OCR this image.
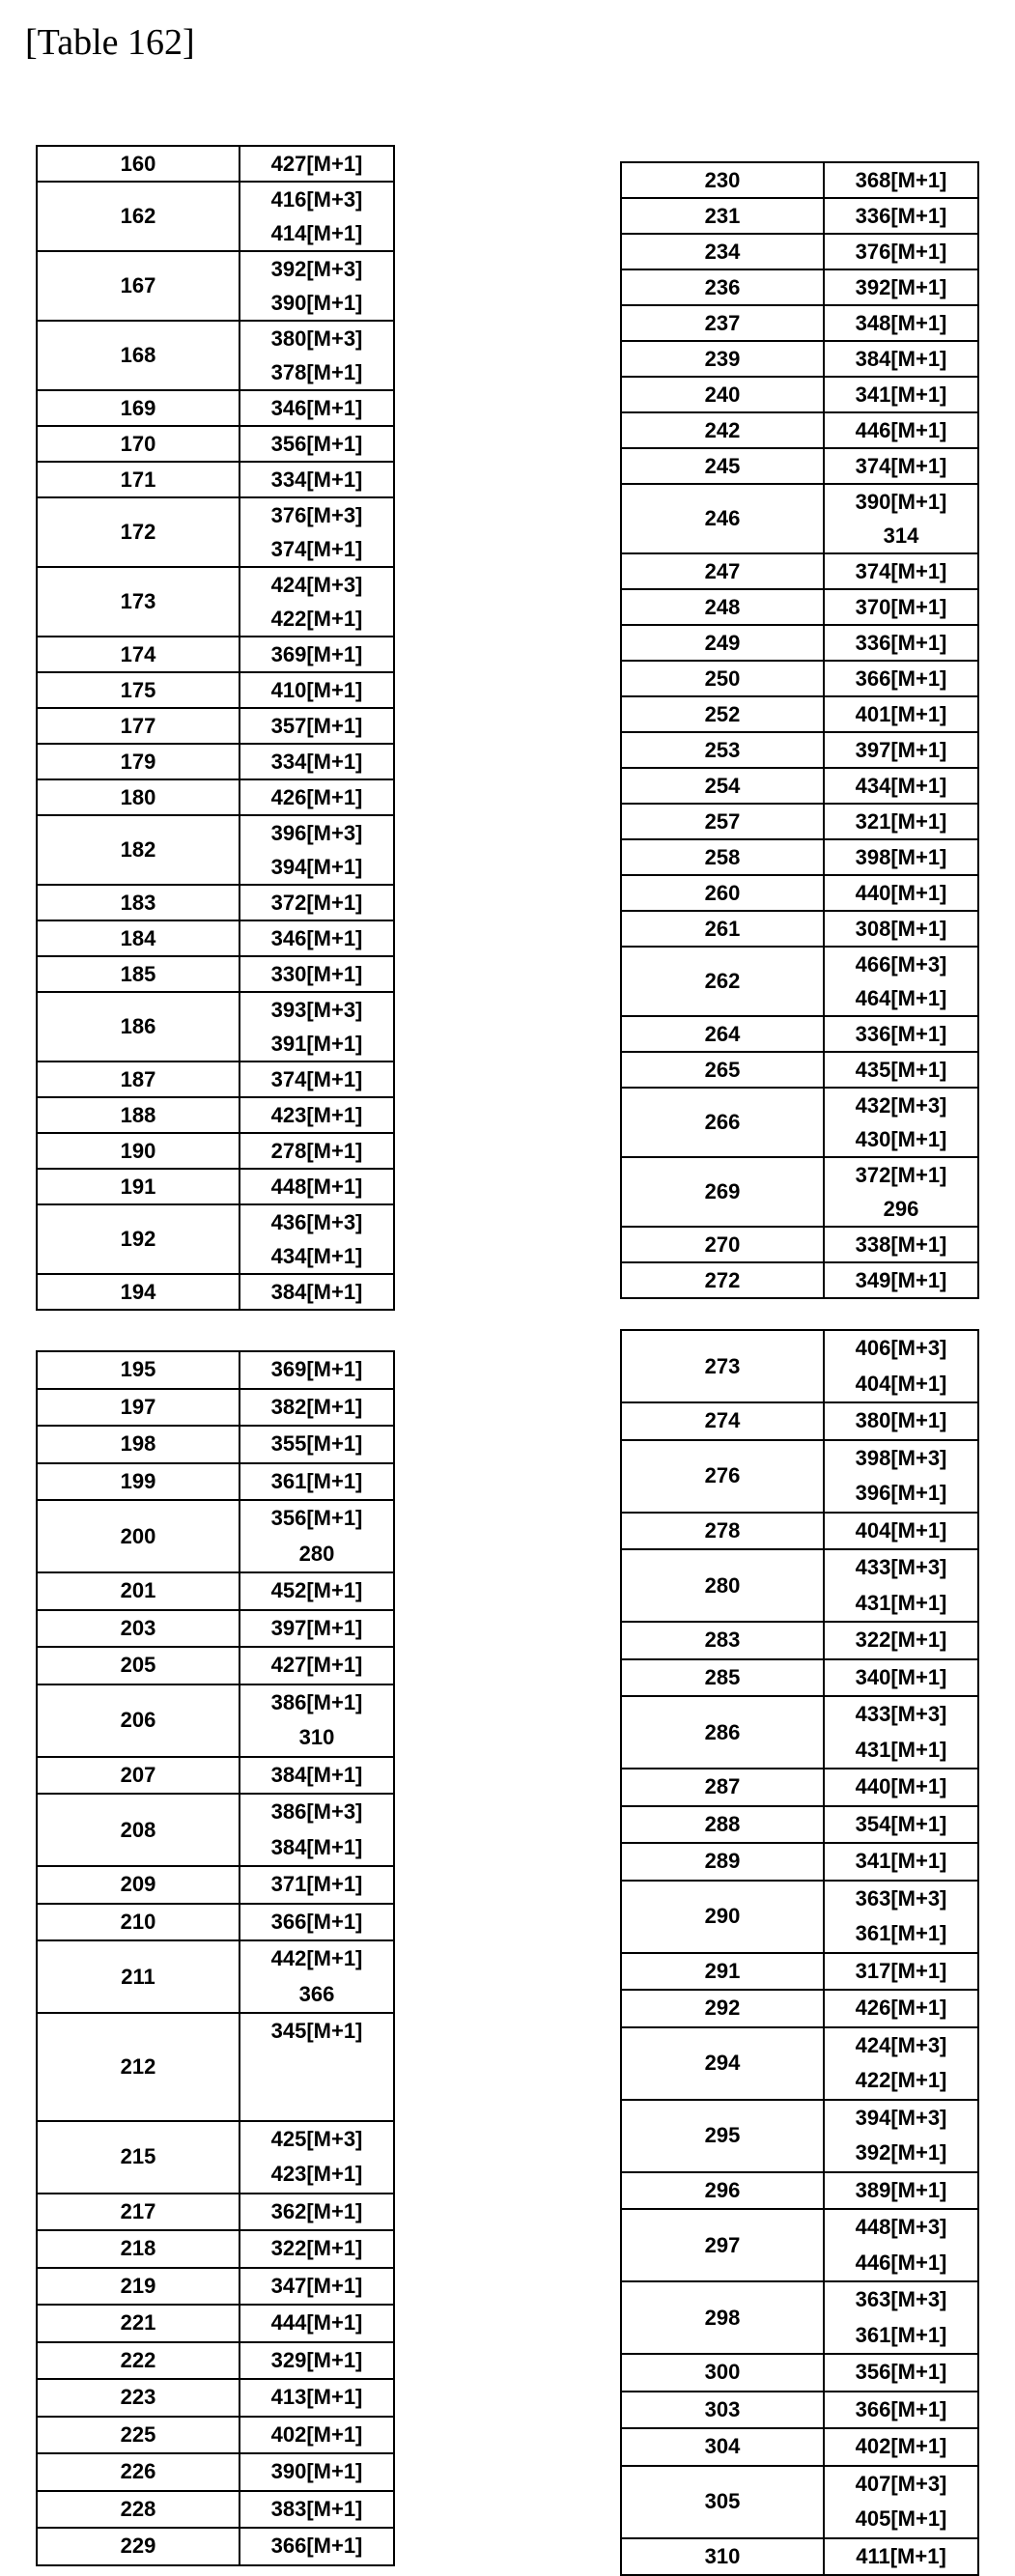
[Table 162]
160	427[M+1]

162	
416[M+3]
414[M+1]

167	
392[M+3]
390[M+1]

168	
380[M+3]
378[M+1]

169	346[M+1]

170	356[M+1]

171	334[M+1]

172	
376[M+3]
374[M+1]

173	
424[M+3]
422[M+1]

174	369[M+1]

175	410[M+1]

177	357[M+1]

179	334[M+1]

180	426[M+1]

182	
396[M+3]
394[M+1]

183	372[M+1]

184	346[M+1]

185	330[M+1]

186	
393[M+3]
391[M+1]

187	374[M+1]

188	423[M+1]

190	278[M+1]

191	448[M+1]

192	
436[M+3]
434[M+1]

194	384[M+1]
230	368[M+1]

231	336[M+1]

234	376[M+1]

236	392[M+1]

237	348[M+1]

239	384[M+1]

240	341[M+1]

242	446[M+1]

245	374[M+1]

246	
390[M+1]
314

247	374[M+1]

248	370[M+1]

249	336[M+1]

250	366[M+1]

252	401[M+1]

253	397[M+1]

254	434[M+1]

257	321[M+1]

258	398[M+1]

260	440[M+1]

261	308[M+1]

262	
466[M+3]
464[M+1]

264	336[M+1]

265	435[M+1]

266	
432[M+3]
430[M+1]

269	
372[M+1]
296

270	338[M+1]

272	349[M+1]
195	369[M+1]

197	382[M+1]

198	355[M+1]

199	361[M+1]

200	
356[M+1]
280

201	452[M+1]

203	397[M+1]

205	427[M+1]

206	
386[M+1]
310

207	384[M+1]

208	
386[M+3]
384[M+1]

209	371[M+1]

210	366[M+1]

211	
442[M+1]
366

212	
345[M+1]

215	
425[M+3]
423[M+1]

217	362[M+1]

218	322[M+1]

219	347[M+1]

221	444[M+1]

222	329[M+1]

223	413[M+1]

225	402[M+1]

226	390[M+1]

228	383[M+1]

229	366[M+1]
273	
406[M+3]
404[M+1]

274	380[M+1]

276	
398[M+3]
396[M+1]

278	404[M+1]

280	
433[M+3]
431[M+1]

283	322[M+1]

285	340[M+1]

286	
433[M+3]
431[M+1]

287	440[M+1]

288	354[M+1]

289	341[M+1]

290	
363[M+3]
361[M+1]

291	317[M+1]

292	426[M+1]

294	
424[M+3]
422[M+1]

295	
394[M+3]
392[M+1]

296	389[M+1]

297	
448[M+3]
446[M+1]

298	
363[M+3]
361[M+1]

300	356[M+1]

303	366[M+1]

304	402[M+1]

305	
407[M+3]
405[M+1]

310	411[M+1]
